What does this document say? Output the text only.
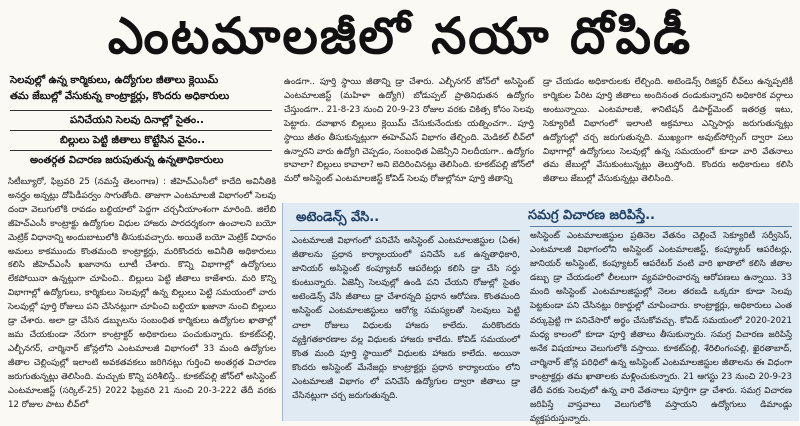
ఎంటమాలజీలో నయా దోపిడీ
సెలవుల్లో ఉన్న కార్మికులు, ఉద్యోగుల జీతాలు క్లెయిమ్
తమ జేబుల్లో వేసుకున్న కాంట్రాక్టర్లు, కొందరు అధికారులు
పనిచేయని సెలవు దినాల్లో సైతం..
బిల్లులు పెట్టి జీతాలు కొట్టేసిన వైనం..
అంతర్గత విచారణ జరుపుతున్న ఉన్నతాధికారులు

సిటీబ్యూరో, ఫిబ్రవరి 25 (నమస్తే తెలంగాణ) : జీహెచ్ఎంసీలో కాదేది అవినీతికి అనర్హం అన్నట్లు దోపిడీపర్వం సాగుతోంది. తాజాగా ఎంటమాలజీ విభాగంలో సెలవు దందా వెలుగులోకి రావడం బల్దియాలో పెద్దగా చర్చనీయాంశంగా మారింది. జిలేబి జీహెచ్ఎంసీ కాంట్రాక్టు ఉద్యోగుల విధుల హాజరు పారదర్శకంగా ఉంచాలని బయో మెట్రిక్ విధానాన్ని అందుబాటులోకి తీసుకువచ్చారు. అయితే బయో మెట్రిక్ విధానం అమలు కాకముందు కొంతమంది కాంట్రాక్టర్లు, మరికొందరు అవినీతి అధికారులు కలిసి జీహెచ్ఎంసీ ఖజానాను లూటీ చేశారు. కొన్ని విభాగాల్లో ఉద్యోగులు లేకపోయినా ఉన్నట్లుగా చూపించి.. బిల్లులు పెట్టి జీతాలు కాజేశారు. మరి కొన్ని విభాగాల్లో ఉద్యోగులు, కార్మికులు సెలవుల్లో ఉన్న బిల్లులు పెట్టి సమయంలో వారు సెలవుల్లో పూర్తి రోజులు పని చేసినట్లుగా చూపించి బల్దియా ఖజానా నుంచి బిల్లులు డ్రా చేశారు. అలా డ్రా చేసిన డబ్బులను సంబంధిత కార్మికులు ఉద్యోగుల ఖాతాల్లో జమ చేయకుండా నేరుగా కాంట్రాక్టర్ అధికారులు పంచుకున్నారు. కూకట్‌పల్లి, ఎల్బీనగర్, చార్మినార్ జోన్లలోని ఎంటమాలజీ విభాగంలో 33 మంది ఉద్యోగుల జీతాల చెల్లింపుల్లో ఇలాంటి అవకతవకలు జరిగినట్లు గుర్తించి అంతర్గత విచారణ జరుగుతున్నట్లు తెలిసింది. మచ్చుకు కొన్ని పరిశీలిస్తే.. కూకట్‌పల్లి జోన్‌లో అసిస్టెంట్ ఎంటమాలజిస్ట్ (సర్కిల్-25) 2022 ఫిబ్రవరి 21 నుంచి 20-3-222 తేదీ వరకు 12 రోజుల పాటు లీవ్‌లో

ఉండగా.. పూర్తి స్థాయి జీతాన్ని డ్రా చేశారు. ఎల్బీనగర్ జోన్‌లో అసిస్టెంట్ ఎంటమాలజిస్ట్ (మహిళా ఉద్యోగి) బోడుప్పల్ ప్రాతినిధుతన ఉద్యోగం చేస్తుండగా.. 21-8-23 నుంచి 20-9-23 రోజుల వరకు చికిత్స కోసం సెలవు పెట్టారు. దవాఖాన బిల్లులు క్లెయిమ్ చేసుకునేందుకు యత్నించగా.. పూర్తి స్థాయి జీతం తీసుకున్నట్లుగా ఈహెచ్ఎస్ విభాగం తేల్చింది. మెడికల్ లీవ్‌లో ఉన్నారని వారు ఉద్యోగి చెప్పడం, సంబంధిత ఏజెన్సీని నిలదీయగా.. ఉద్యోగం కావాలా? బిల్లులు కావాలా? అని బెదిరించినట్లు తెలిసింది. కూకట్‌పల్లి జోన్‌లో మరో అసిస్టెంట్ ఎంటమాలజిస్ట్ కోవిడ్ సెలవు రోజుల్లోనూ పూర్తి జీతాన్ని

డ్రా చేయడం అధికారులకు లేల్చింది. అటెండెన్స్ రిజిస్టర్ లీవ్‌లు ఉన్నప్పటికీ కార్మికుల పేరిట పూర్తి జీతాలు అందినంత దండుకున్నారని అధికారిక వర్గాలు అంటున్నాయి. ఎంటమాలజీ, శానిటేషన్ డిపార్ట్‌మెంట్ ఇతరత్ర ఇటు, సెక్యూరిటీ విభాగంలో ఇలాంటి అక్రమాలు ఎన్నిసార్లు జరుగుతున్నట్లు ఉద్యోగుల్లో చర్చ జరుగుతున్నది. ముఖ్యంగా అవుట్‌సోర్సింగ్ ద్వారా పలు విభాగాల్లో ఉద్యోగులు సెలవుల్లో ఉన్న సమయంలో కూడా వారి వేతనాలు తమ జేబుల్లో వేసుకుంటున్నట్లు తెలుస్తోంది. కొందరు అధికారులు కలిసి జీతాలు జేబుల్లో వేసుకున్నట్లు తెలిసింది.

అటెండెన్స్ వేసి..	సమగ్ర విచారణ జరిపిస్తే..

ఎంటమాలజీ విభాగంలో పనిచేసే అసిస్టెంట్ ఎంటమాలజిస్టుల (ఏఈ) జీతాలను ప్రధాన కార్యాలయంలో పనిచేసే ఒక ఉన్నతాధికారి, జానియర్ అసిస్టెంట్ కంప్యూటర్ ఆపరేటర్లు కలిసి డ్రా చేసి సర్దు కుంటున్నారు. ఏజెన్సీ సెలవుల్లో ఉండి పని చేయని రోజుల్లో సైతం అటెండెన్స్ వేసి జీతాలు డ్రా చేశారన్నది ప్రధాన ఆరోపణ. కొంతమంది అసిస్టెంట్ ఎంటమాలజిస్టులు ఆరోగ్య సమస్యలతో సెలవులు పెట్టి చాలా రోజులు విధులకు హాజరు కాలేదు. మరికొందరు వ్యక్తిగతకారణాల వల్ల విధులకు హాజరు కాలేదు. కోవిడ్ సమయంలో కొంత మంది పూర్తి స్థాయిలో విధులకు హాజరు కాలేదు. అయినా కొందరు అసిస్టెంట్ మేనేజర్లు కాంట్రాక్టర్లు ప్రధాన కార్యాలయం లోని ఎంటమాలజీ విభాగం లో పనిచేసే ఉద్యోగుల ద్వారా జీతాలు డ్రా చేసినట్లుగా చర్చ జరుగుతున్నది.

అసిస్టెంట్ ఎంటమాలజిస్టుల ప్రతినెల వేతనం చెల్లించే సెక్యూరిటీ సర్వీసెస్, ఎంటమాలజీ విభాగంలోని అసిస్టెంట్ ఎంటమాలజిస్ట్, కంప్యూటర్ ఆపరేటర్లు, జానియర్ అసిస్టెంట్, కంప్యూటర్ ఆపరేటర్ వంటి వారి ఖాతాలో కలిసి జీతాల డబ్బు డ్రా చేయడంలో లీలలుగా వ్యవహరించారన్న ఆరోపణలు ఉన్నాయి. 33 మంది అసిస్టెంట్ ఎంటమాలజిస్టుల్లో నెలల తరబడి ఒక్కరూ కూడా సెలవు పెట్టకుండా పని చేసినట్లు రికార్డుల్లో చూపించారు. కాంట్రాక్టర్లు, అధికారులు ఎంత వర్కుప్రెట్టి గా పనిచేసారో అర్థం చేసుకోవచ్చు. కోవిడ్ సమయంలో 2020-2021 మధ్య కాలంలో కూడా పూర్తి జీతాలు తీసుకున్నారు. సమగ్ర విచారణ జరిపిస్తే అనేక విషయాలు వెలుగులోకి వస్తాయి. కూకట్‌పల్లి, శేరిలింగంపల్లి, ఖైరతాబాద్, చార్మినార్ జోన్ల పరిధిలో ఉన్న అసిస్టెంట్ ఎంటమాలజిస్టుల జీతాలను ఈ విధంగా కాంట్రాక్టర్లు తమ ఖాతాలకు మళ్లించుకున్నారు. 21 ఆగస్టు 23 నుంచి 20-9-23 తేదీ వరకు సెలవులో ఉన్న వారి వేతనాలు పూర్తిగా డ్రా చేశారు. సమగ్ర విచారణ జరిపిస్తే వాస్తవాలు వెలుగులోకి వస్తాయని ఉద్యోగులు డిమాండ్లు వ్యక్తపరుస్తున్నారు.
